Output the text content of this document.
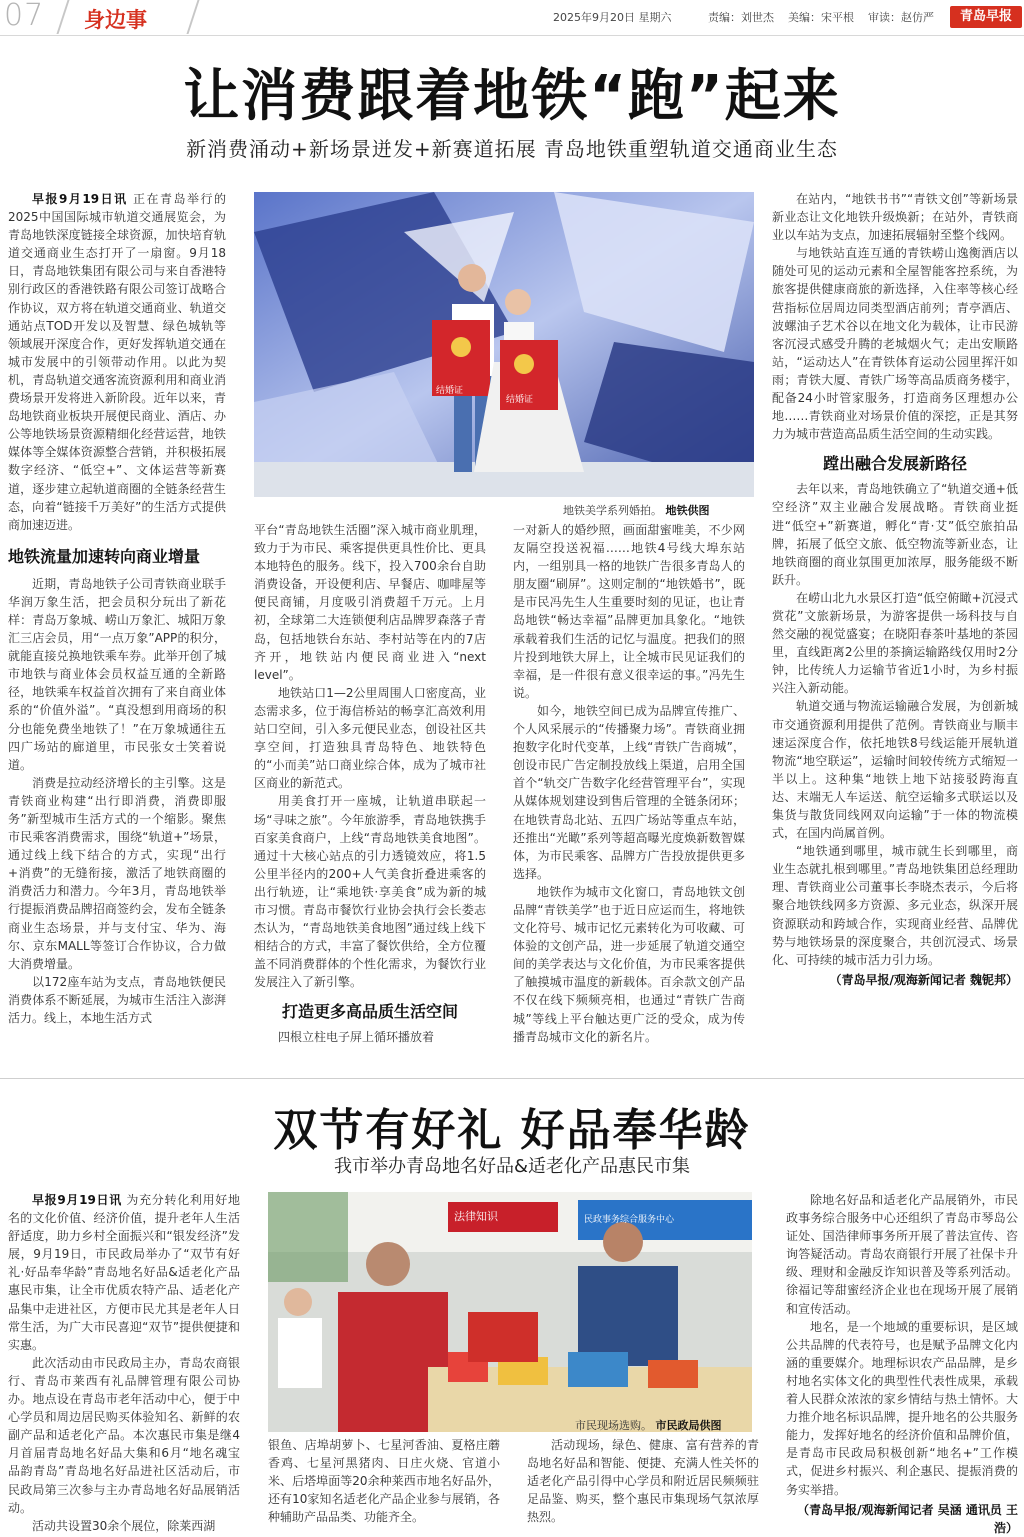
07 身边事	2025年9月20日 星期六	责编：刘世杰 美编：宋平根 审读：赵仿严	青岛早报
让消费跟着地铁“跑”起来
新消费涌动+新场景迸发+新赛道拓展 青岛地铁重塑轨道交通商业生态

早报9月19日讯 正在青岛举行的2025中国国际城市轨道交通展览会，为青岛地铁深度链接全球资源，加快培育轨道交通商业生态打开了一扇窗。9月18日，青岛地铁集团有限公司与来自香港特别行政区的香港铁路有限公司签订战略合作协议，双方将在轨道交通商业、轨道交通站点TOD开发以及智慧、绿色城轨等领域展开深度合作，更好发挥轨道交通在城市发展中的引领带动作用。以此为契机，青岛轨道交通客流资源利用和商业消费场景开发将进入新阶段。近年以来，青岛地铁商业板块开展便民商业、酒店、办公等地铁场景资源精细化经营运营，地铁媒体等全媒体资源整合营销，并积极拓展数字经济、“低空+”、文体运营等新赛道，逐步建立起轨道商圈的全链条经营生态，向着“链接千万美好”的生活方式提供商加速迈进。

地铁流量加速转向商业增量

近期，青岛地铁子公司青铁商业联手华润万象生活，把会员积分玩出了新花样：青岛万象城、崂山万象汇、城阳万象汇三店会员，用“一点万象”APP的积分，就能直接兑换地铁乘车券。此举开创了城市地铁与商业体会员权益互通的全新路径，地铁乘车权益首次拥有了来自商业体系的“价值外溢”。“真没想到用商场的积分也能免费坐地铁了！”在万象城通往五四广场站的廊道里，市民张女士笑着说道。

消费是拉动经济增长的主引擎。这是青铁商业构建“出行即消费，消费即服务”新型城市生活方式的一个缩影。聚焦市民乘客消费需求，围绕“轨道+”场景，通过线上线下结合的方式，实现“出行+消费”的无缝衔接，激活了地铁商圈的消费活力和潜力。今年3月，青岛地铁举行提振消费品牌招商签约会，发布全链条商业生态场景，并与支付宝、华为、海尔、京东MALL等签订合作协议，合力做大消费增量。

以172座车站为支点，青岛地铁便民消费体系不断延展，为城市生活注入澎湃活力。线上，本地生活方式

结婚证
结婚证
地铁美学系列婚拍。 地铁供图

平台“青岛地铁生活圈”深入城市商业肌理，致力于为市民、乘客提供更具性价比、更具本地特色的服务。线下，投入700余台自助消费设备，开设便利店、早餐店、咖啡屋等便民商铺，月度吸引消费超千万元。上月初，全球第二大连锁便利店品牌罗森落子青岛，包括地铁台东站、李村站等在内的7店齐开，地铁站内便民商业进入“next level”。

地铁站口1—2公里周围人口密度高，业态需求多，位于海信桥站的畅享汇高效利用站口空间，引入多元便民业态，创设社区共享空间，打造独具青岛特色、地铁特色的“小而美”站口商业综合体，成为了城市社区商业的新范式。

用美食打开一座城，让轨道串联起一场“寻味之旅”。今年旅游季，青岛地铁携手百家美食商户，上线“青岛地铁美食地图”。通过十大核心站点的引力透镜效应，将1.5公里半径内的200+人气美食折叠进乘客的出行轨迹，让“乘地铁·享美食”成为新的城市习惯。青岛市餐饮行业协会执行会长娄志杰认为，“青岛地铁美食地图”通过线上线下相结合的方式，丰富了餐饮供给，全方位覆盖不同消费群体的个性化需求，为餐饮行业发展注入了新引擎。

打造更多高品质生活空间

四根立柱电子屏上循环播放着

一对新人的婚纱照，画面甜蜜唯美，不少网友隔空投送祝福……地铁4号线大埠东站内，一组别具一格的地铁广告很多青岛人的朋友圈“刷屏”。这则定制的“地铁婚书”，既是市民冯先生人生重要时刻的见证，也让青岛地铁“畅达幸福”品牌更加具象化。“地铁承载着我们生活的记忆与温度。把我们的照片投到地铁大屏上，让全城市民见证我们的幸福，是一件很有意义很幸运的事。”冯先生说。

如今，地铁空间已成为品牌宣传推广、个人风采展示的“传播聚力场”。青铁商业拥抱数字化时代变革，上线“青铁广告商城”，创设市民广告定制投放线上渠道，启用全国首个“轨交广告数字化经营管理平台”，实现从媒体规划建设到售后管理的全链条闭环；在地铁青岛北站、五四广场站等重点车站，还推出“光瞰”系列等超高曝光度焕新数智媒体，为市民乘客、品牌方广告投放提供更多选择。

地铁作为城市文化窗口，青岛地铁文创品牌“青铁美学”也于近日应运而生，将地铁文化符号、城市记忆元素转化为可收藏、可体验的文创产品，进一步延展了轨道交通空间的美学表达与文化价值，为市民乘客提供了触摸城市温度的新载体。百余款文创产品不仅在线下频频亮相，也通过“青铁广告商城”等线上平台触达更广泛的受众，成为传播青岛城市文化的新名片。

在站内，“地铁书书”“青铁文创”等新场景新业态让文化地铁升级焕新；在站外，青铁商业以车站为支点，加速拓展辐射至整个线网。

与地铁站直连互通的青铁崂山逸衡酒店以随处可见的运动元素和全屋智能客控系统，为旅客提供健康商旅的新选择，入住率等核心经营指标位居周边同类型酒店前列；青亭酒店、波螺油子艺术谷以在地文化为载体，让市民游客沉浸式感受升腾的老城烟火气；走出安顺路站，“运动达人”在青铁体育运动公园里挥汗如雨；青铁大厦、青铁广场等高品质商务楼宇，配备24小时管家服务，打造商务区理想办公地……青铁商业对场景价值的深挖，正是其努力为城市营造高品质生活空间的生动实践。

蹚出融合发展新路径

去年以来，青岛地铁确立了“轨道交通+低空经济”双主业融合发展战略。青铁商业挺进“低空+”新赛道，孵化“青·艾”低空旅拍品牌，拓展了低空文旅、低空物流等新业态，让地铁商圈的商业氛围更加浓厚，服务能级不断跃升。

在崂山北九水景区打造“低空俯瞰+沉浸式赏花”文旅新场景，为游客提供一场科技与自然交融的视觉盛宴；在晓阳春茶叶基地的茶园里，直线距离2公里的茶摘运输路线仅用时2分钟，比传统人力运输节省近1小时，为乡村振兴注入新动能。

轨道交通与物流运输融合发展，为创新城市交通资源利用提供了范例。青铁商业与顺丰速运深度合作，依托地铁8号线运能开展轨道物流“地空联运”，运输时间较传统方式缩短一半以上。这种集“地铁上地下站接驳跨海直达、末端无人车运送、航空运输多式联运以及集货与散货同线网双向运输”于一体的物流模式，在国内尚属首例。

“地铁通到哪里，城市就生长到哪里，商业生态就扎根到哪里。”青岛地铁集团总经理助理、青铁商业公司董事长李晓杰表示，今后将聚合地铁线网多方资源、多元业态，纵深开展资源联动和跨域合作，实现商业经营、品牌优势与地铁场景的深度聚合，共创沉浸式、场景化、可持续的城市活力引力场。

（青岛早报/观海新闻记者 魏铌邦）

双节有好礼 好品奉华龄
我市举办青岛地名好品&适老化产品惠民市集

早报9月19日讯 为充分转化利用好地名的文化价值、经济价值，提升老年人生活舒适度，助力乡村全面振兴和“银发经济”发展，9月19日，市民政局举办了“双节有好礼·好品奉华龄”青岛地名好品&适老化产品惠民市集，让全市优质农特产品、适老化产品集中走进社区，方便市民尤其是老年人日常生活，为广大市民喜迎“双节”提供便捷和实惠。

此次活动由市民政局主办，青岛农商银行、青岛市莱西有礼品牌管理有限公司协办。地点设在青岛市老年活动中心，便于中心学员和周边居民购买体验知名、新鲜的农副产品和适老化产品。本次惠民市集是继4月首届青岛地名好品大集和6月“地名魂宝 品韵青岛”青岛地名好品进社区活动后，市民政局第三次参与主办青岛地名好品展销活动。

活动共设置30余个展位，除莱西湖

法律知识	民政事务综合服务中心
市民现场选购。 市民政局供图

银鱼、店埠胡萝卜、七星河香油、夏格庄蘑香鸡、七星河黑猪肉、日庄火烧、官道小米、后塔埠面等20余种莱西市地名好品外，还有10家知名适老化产品企业参与展销，各种辅助产品品类、功能齐全。

活动现场，绿色、健康、富有营养的青岛地名好品和智能、便捷、充满人性关怀的适老化产品引得中心学员和附近居民频频驻足品鉴、购买，整个惠民市集现场气氛浓厚热烈。

除地名好品和适老化产品展销外，市民政事务综合服务中心还组织了青岛市琴岛公证处、国浩律师事务所开展了普法宣传、咨询答疑活动。青岛农商银行开展了社保卡升级、理财和金融反诈知识普及等系列活动。徐福记等甜蜜经济企业也在现场开展了展销和宣传活动。

地名，是一个地域的重要标识，是区域公共品牌的代表符号，也是赋予品牌文化内涵的重要媒介。地理标识农产品品牌，是乡村地名实体文化的典型性代表性成果，承载着人民群众浓浓的家乡情结与热土情怀。大力推介地名标识品牌，提升地名的公共服务能力，发挥好地名的经济价值和品牌价值，是青岛市民政局积极创新“地名+”工作模式，促进乡村振兴、利企惠民、提振消费的务实举措。

（青岛早报/观海新闻记者 吴涵 通讯员 王浩）
